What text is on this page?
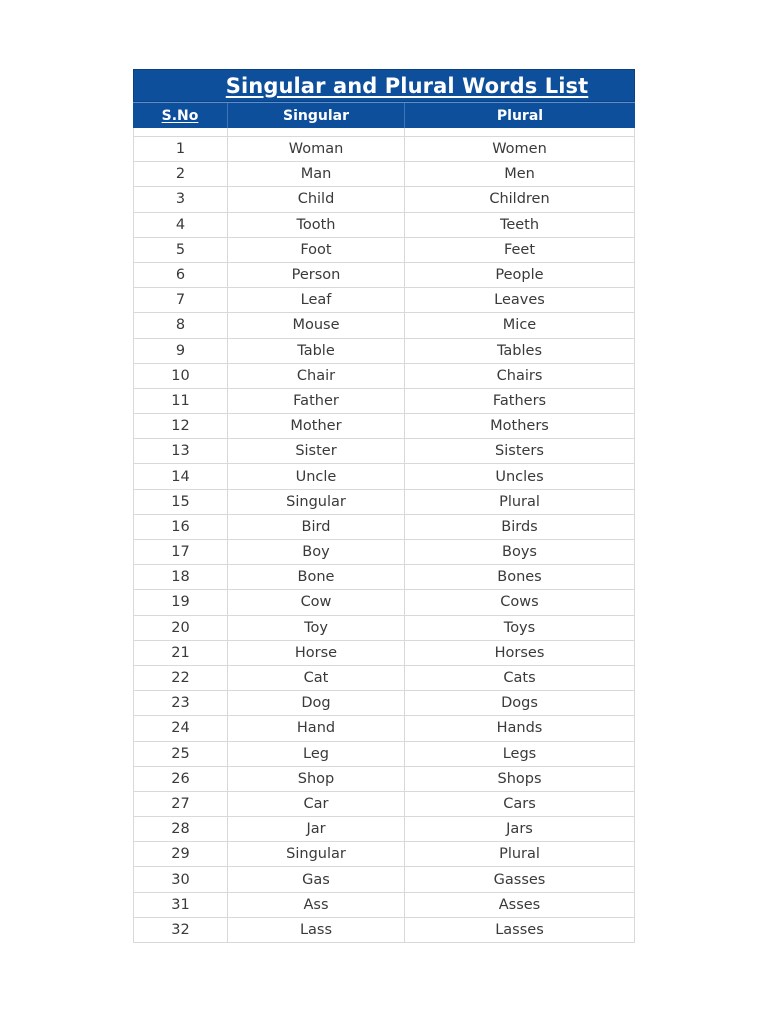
Singular and Plural Words List
S.No	Singular	Plural
1	Woman	Women
2	Man	Men
3	Child	Children
4	Tooth	Teeth
5	Foot	Feet
6	Person	People
7	Leaf	Leaves
8	Mouse	Mice
9	Table	Tables
10	Chair	Chairs
11	Father	Fathers
12	Mother	Mothers
13	Sister	Sisters
14	Uncle	Uncles
15	Singular	Plural
16	Bird	Birds
17	Boy	Boys
18	Bone	Bones
19	Cow	Cows
20	Toy	Toys
21	Horse	Horses
22	Cat	Cats
23	Dog	Dogs
24	Hand	Hands
25	Leg	Legs
26	Shop	Shops
27	Car	Cars
28	Jar	Jars
29	Singular	Plural
30	Gas	Gasses
31	Ass	Asses
32	Lass	Lasses
